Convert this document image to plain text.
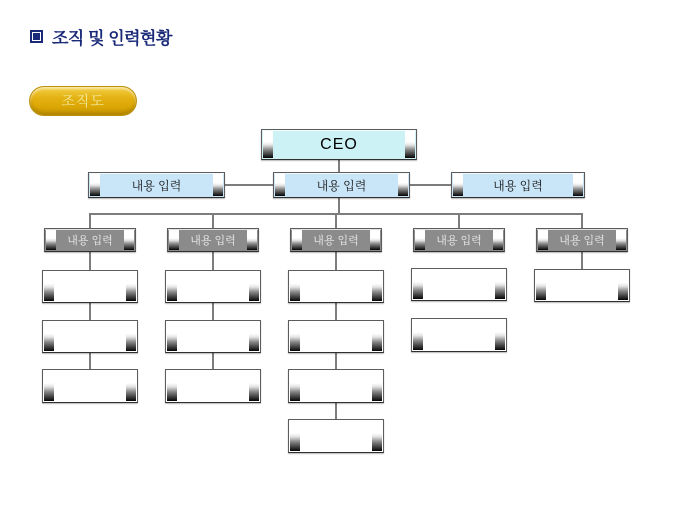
조직 및 인력현황
조직도
CEO
내용 입력	내용 입력	내용 입력
내용 입력	내용 입력	내용 입력	내용 입력	내용 입력
